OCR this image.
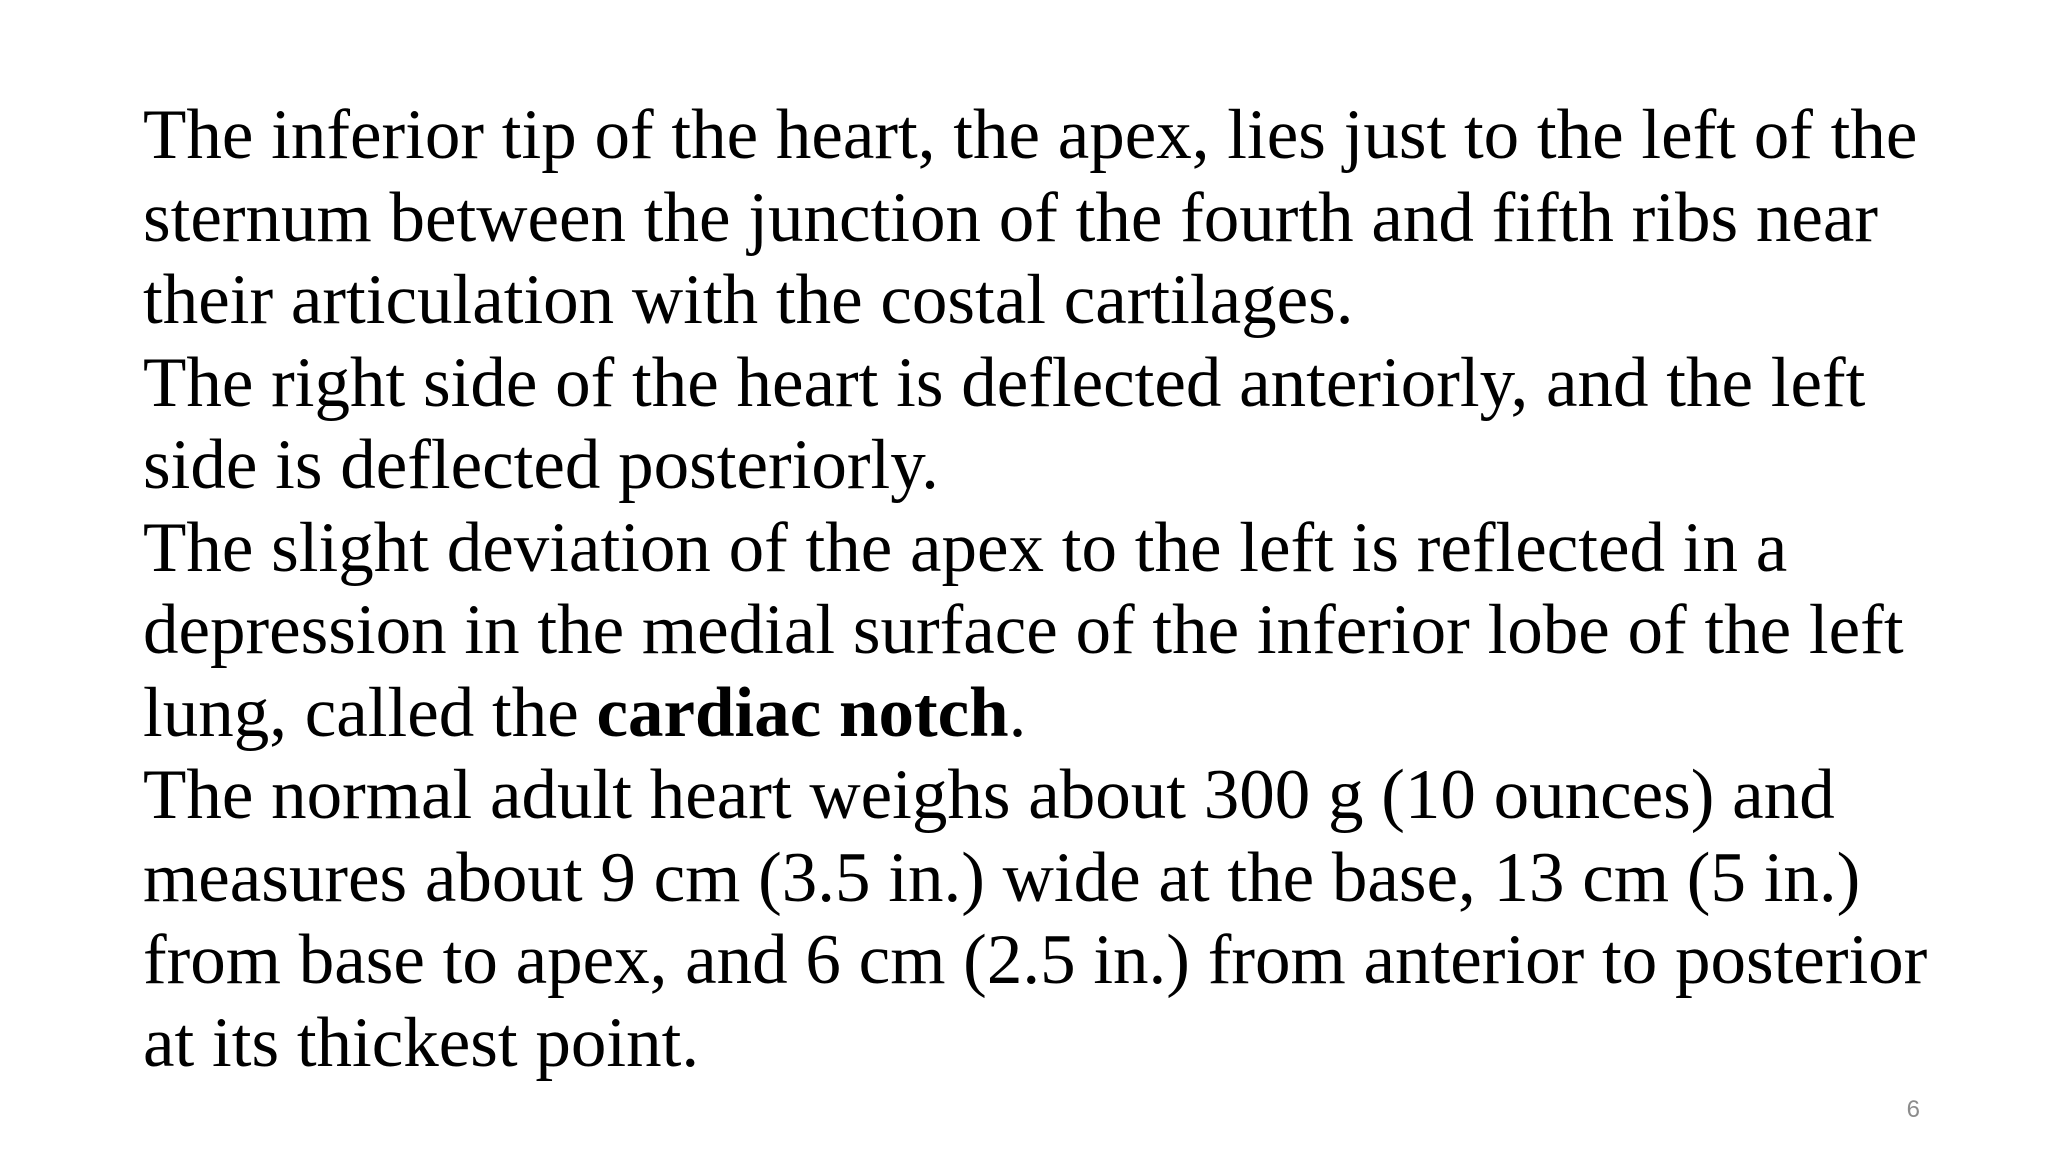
The inferior tip of the heart, the apex, lies just to the left of the
sternum between the junction of the fourth and fifth ribs near
their articulation with the costal cartilages.

The right side of the heart is deflected anteriorly, and the left
side is deflected posteriorly.

The slight deviation of the apex to the left is reflected in a
depression in the medial surface of the inferior lobe of the left
lung, called the cardiac notch.

The normal adult heart weighs about 300 g (10 ounces) and
measures about 9 cm (3.5 in.) wide at the base, 13 cm (5 in.)
from base to apex, and 6 cm (2.5 in.) from anterior to posterior
at its thickest point.

6
